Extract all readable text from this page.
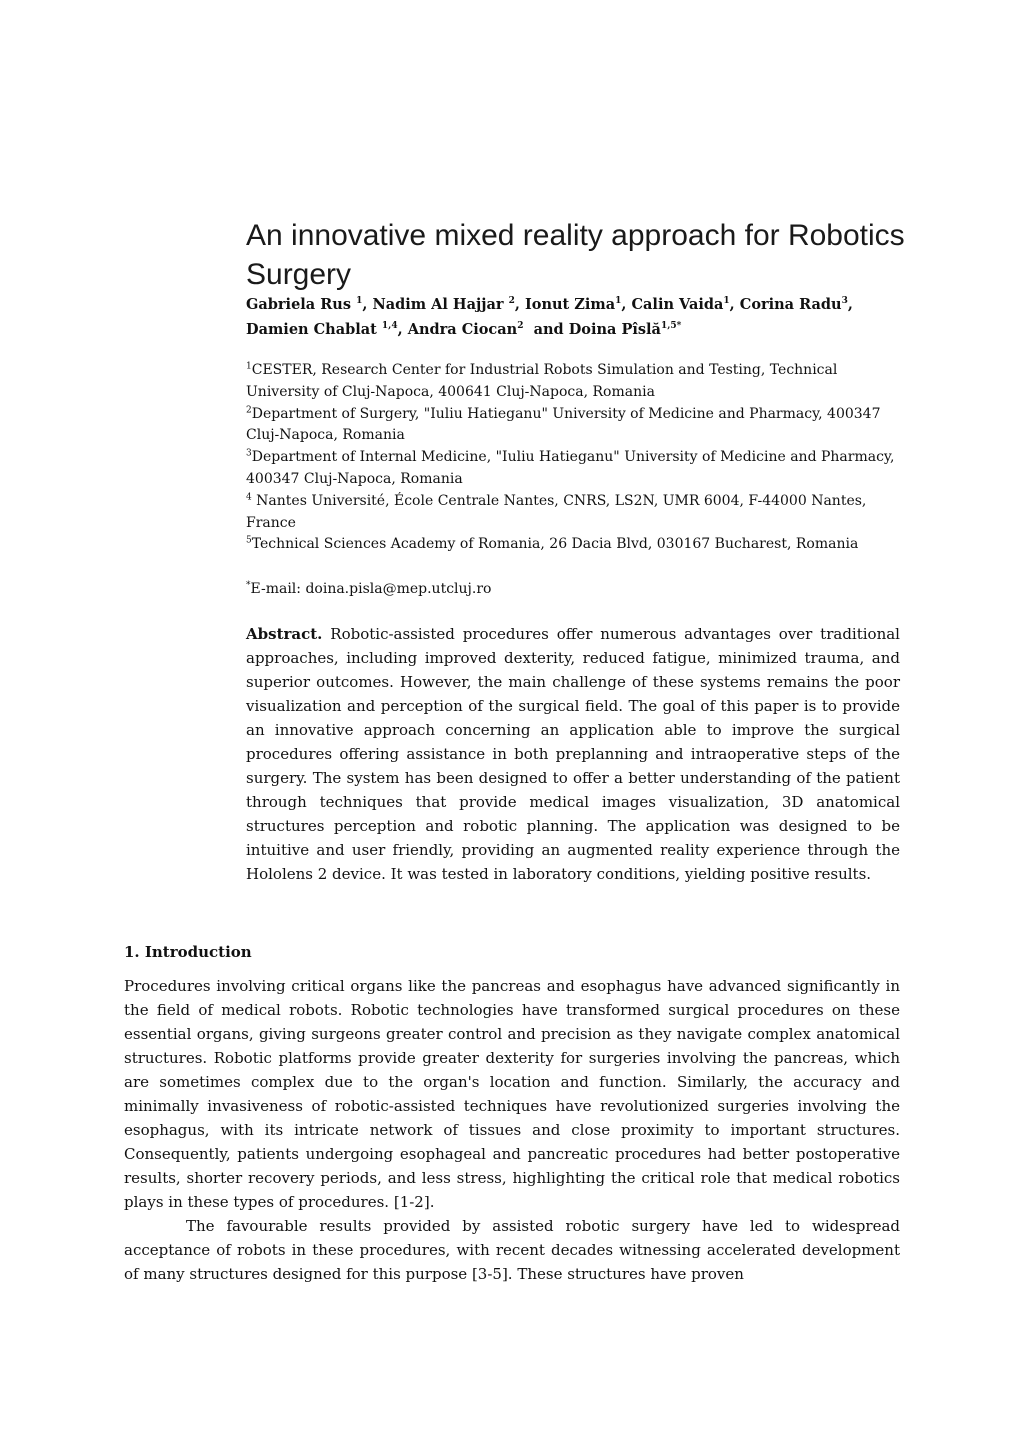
An innovative mixed reality approach for Robotics Surgery
Gabriela Rus $^1$, Nadim Al Hajjar $^2$, Ionut Zima$^1$, Calin Vaida$^1$, Corina Radu$^3$,
Damien Chablat $^{1,4}$, Andra Ciocan$^2$  and Doina Pîslă$^{1,5*}$

$^1$CESTER, Research Center for Industrial Robots Simulation and Testing, Technical University of Cluj-Napoca, 400641 Cluj-Napoca, Romania

$^2$Department of Surgery, "Iuliu Hatieganu" University of Medicine and Pharmacy, 400347 Cluj-Napoca, Romania

$^3$Department of Internal Medicine, "Iuliu Hatieganu" University of Medicine and Pharmacy, 400347 Cluj-Napoca, Romania

$^4$ Nantes Université, École Centrale Nantes, CNRS, LS2N, UMR 6004, F-44000 Nantes, France

$^5$Technical Sciences Academy of Romania, 26 Dacia Blvd, 030167 Bucharest, Romania

*E-mail: doina.pisla@mep.utcluj.ro
Abstract. Robotic-assisted procedures offer numerous advantages over traditional approaches, including improved dexterity, reduced fatigue, minimized trauma, and superior outcomes. However, the main challenge of these systems remains the poor visualization and perception of the surgical field. The goal of this paper is to provide an innovative approach concerning an application able to improve the surgical procedures offering assistance in both preplanning and intraoperative steps of the surgery. The system has been designed to offer a better understanding of the patient through techniques that provide medical images visualization, 3D anatomical structures perception and robotic planning. The application was designed to be intuitive and user friendly, providing an augmented reality experience through the Hololens 2 device. It was tested in laboratory conditions, yielding positive results.
1. Introduction

Procedures involving critical organs like the pancreas and esophagus have advanced significantly in the field of medical robots. Robotic technologies have transformed surgical procedures on these essential organs, giving surgeons greater control and precision as they navigate complex anatomical structures. Robotic platforms provide greater dexterity for surgeries involving the pancreas, which are sometimes complex due to the organ's location and function. Similarly, the accuracy and minimally invasiveness of robotic-assisted techniques have revolutionized surgeries involving the esophagus, with its intricate network of tissues and close proximity to important structures. Consequently, patients undergoing esophageal and pancreatic procedures had better postoperative results, shorter recovery periods, and less stress, highlighting the critical role that medical robotics plays in these types of procedures. [1-2].

The favourable results provided by assisted robotic surgery have led to widespread acceptance of robots in these procedures, with recent decades witnessing accelerated development of many structures designed for this purpose [3-5]. These structures have proven
